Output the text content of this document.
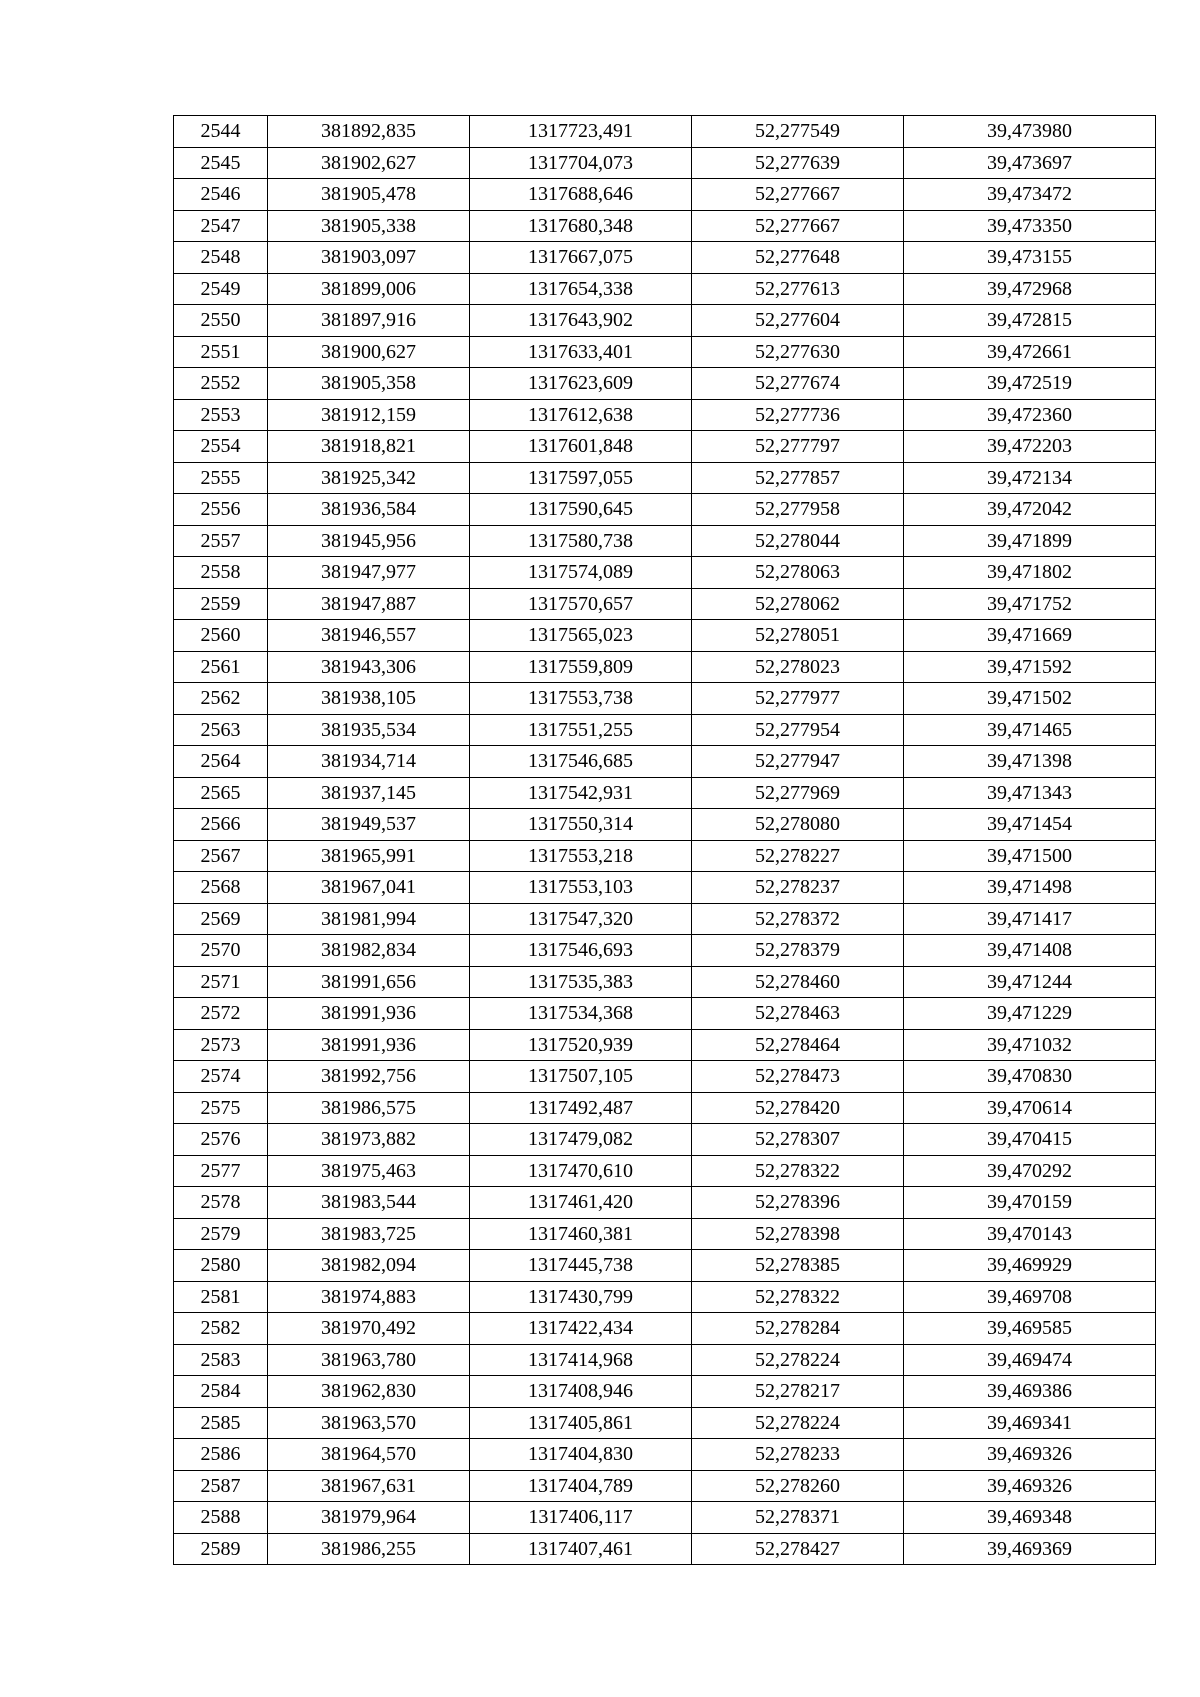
2544	381892,835	1317723,491	52,277549	39,473980
2545	381902,627	1317704,073	52,277639	39,473697
2546	381905,478	1317688,646	52,277667	39,473472
2547	381905,338	1317680,348	52,277667	39,473350
2548	381903,097	1317667,075	52,277648	39,473155
2549	381899,006	1317654,338	52,277613	39,472968
2550	381897,916	1317643,902	52,277604	39,472815
2551	381900,627	1317633,401	52,277630	39,472661
2552	381905,358	1317623,609	52,277674	39,472519
2553	381912,159	1317612,638	52,277736	39,472360
2554	381918,821	1317601,848	52,277797	39,472203
2555	381925,342	1317597,055	52,277857	39,472134
2556	381936,584	1317590,645	52,277958	39,472042
2557	381945,956	1317580,738	52,278044	39,471899
2558	381947,977	1317574,089	52,278063	39,471802
2559	381947,887	1317570,657	52,278062	39,471752
2560	381946,557	1317565,023	52,278051	39,471669
2561	381943,306	1317559,809	52,278023	39,471592
2562	381938,105	1317553,738	52,277977	39,471502
2563	381935,534	1317551,255	52,277954	39,471465
2564	381934,714	1317546,685	52,277947	39,471398
2565	381937,145	1317542,931	52,277969	39,471343
2566	381949,537	1317550,314	52,278080	39,471454
2567	381965,991	1317553,218	52,278227	39,471500
2568	381967,041	1317553,103	52,278237	39,471498
2569	381981,994	1317547,320	52,278372	39,471417
2570	381982,834	1317546,693	52,278379	39,471408
2571	381991,656	1317535,383	52,278460	39,471244
2572	381991,936	1317534,368	52,278463	39,471229
2573	381991,936	1317520,939	52,278464	39,471032
2574	381992,756	1317507,105	52,278473	39,470830
2575	381986,575	1317492,487	52,278420	39,470614
2576	381973,882	1317479,082	52,278307	39,470415
2577	381975,463	1317470,610	52,278322	39,470292
2578	381983,544	1317461,420	52,278396	39,470159
2579	381983,725	1317460,381	52,278398	39,470143
2580	381982,094	1317445,738	52,278385	39,469929
2581	381974,883	1317430,799	52,278322	39,469708
2582	381970,492	1317422,434	52,278284	39,469585
2583	381963,780	1317414,968	52,278224	39,469474
2584	381962,830	1317408,946	52,278217	39,469386
2585	381963,570	1317405,861	52,278224	39,469341
2586	381964,570	1317404,830	52,278233	39,469326
2587	381967,631	1317404,789	52,278260	39,469326
2588	381979,964	1317406,117	52,278371	39,469348
2589	381986,255	1317407,461	52,278427	39,469369
